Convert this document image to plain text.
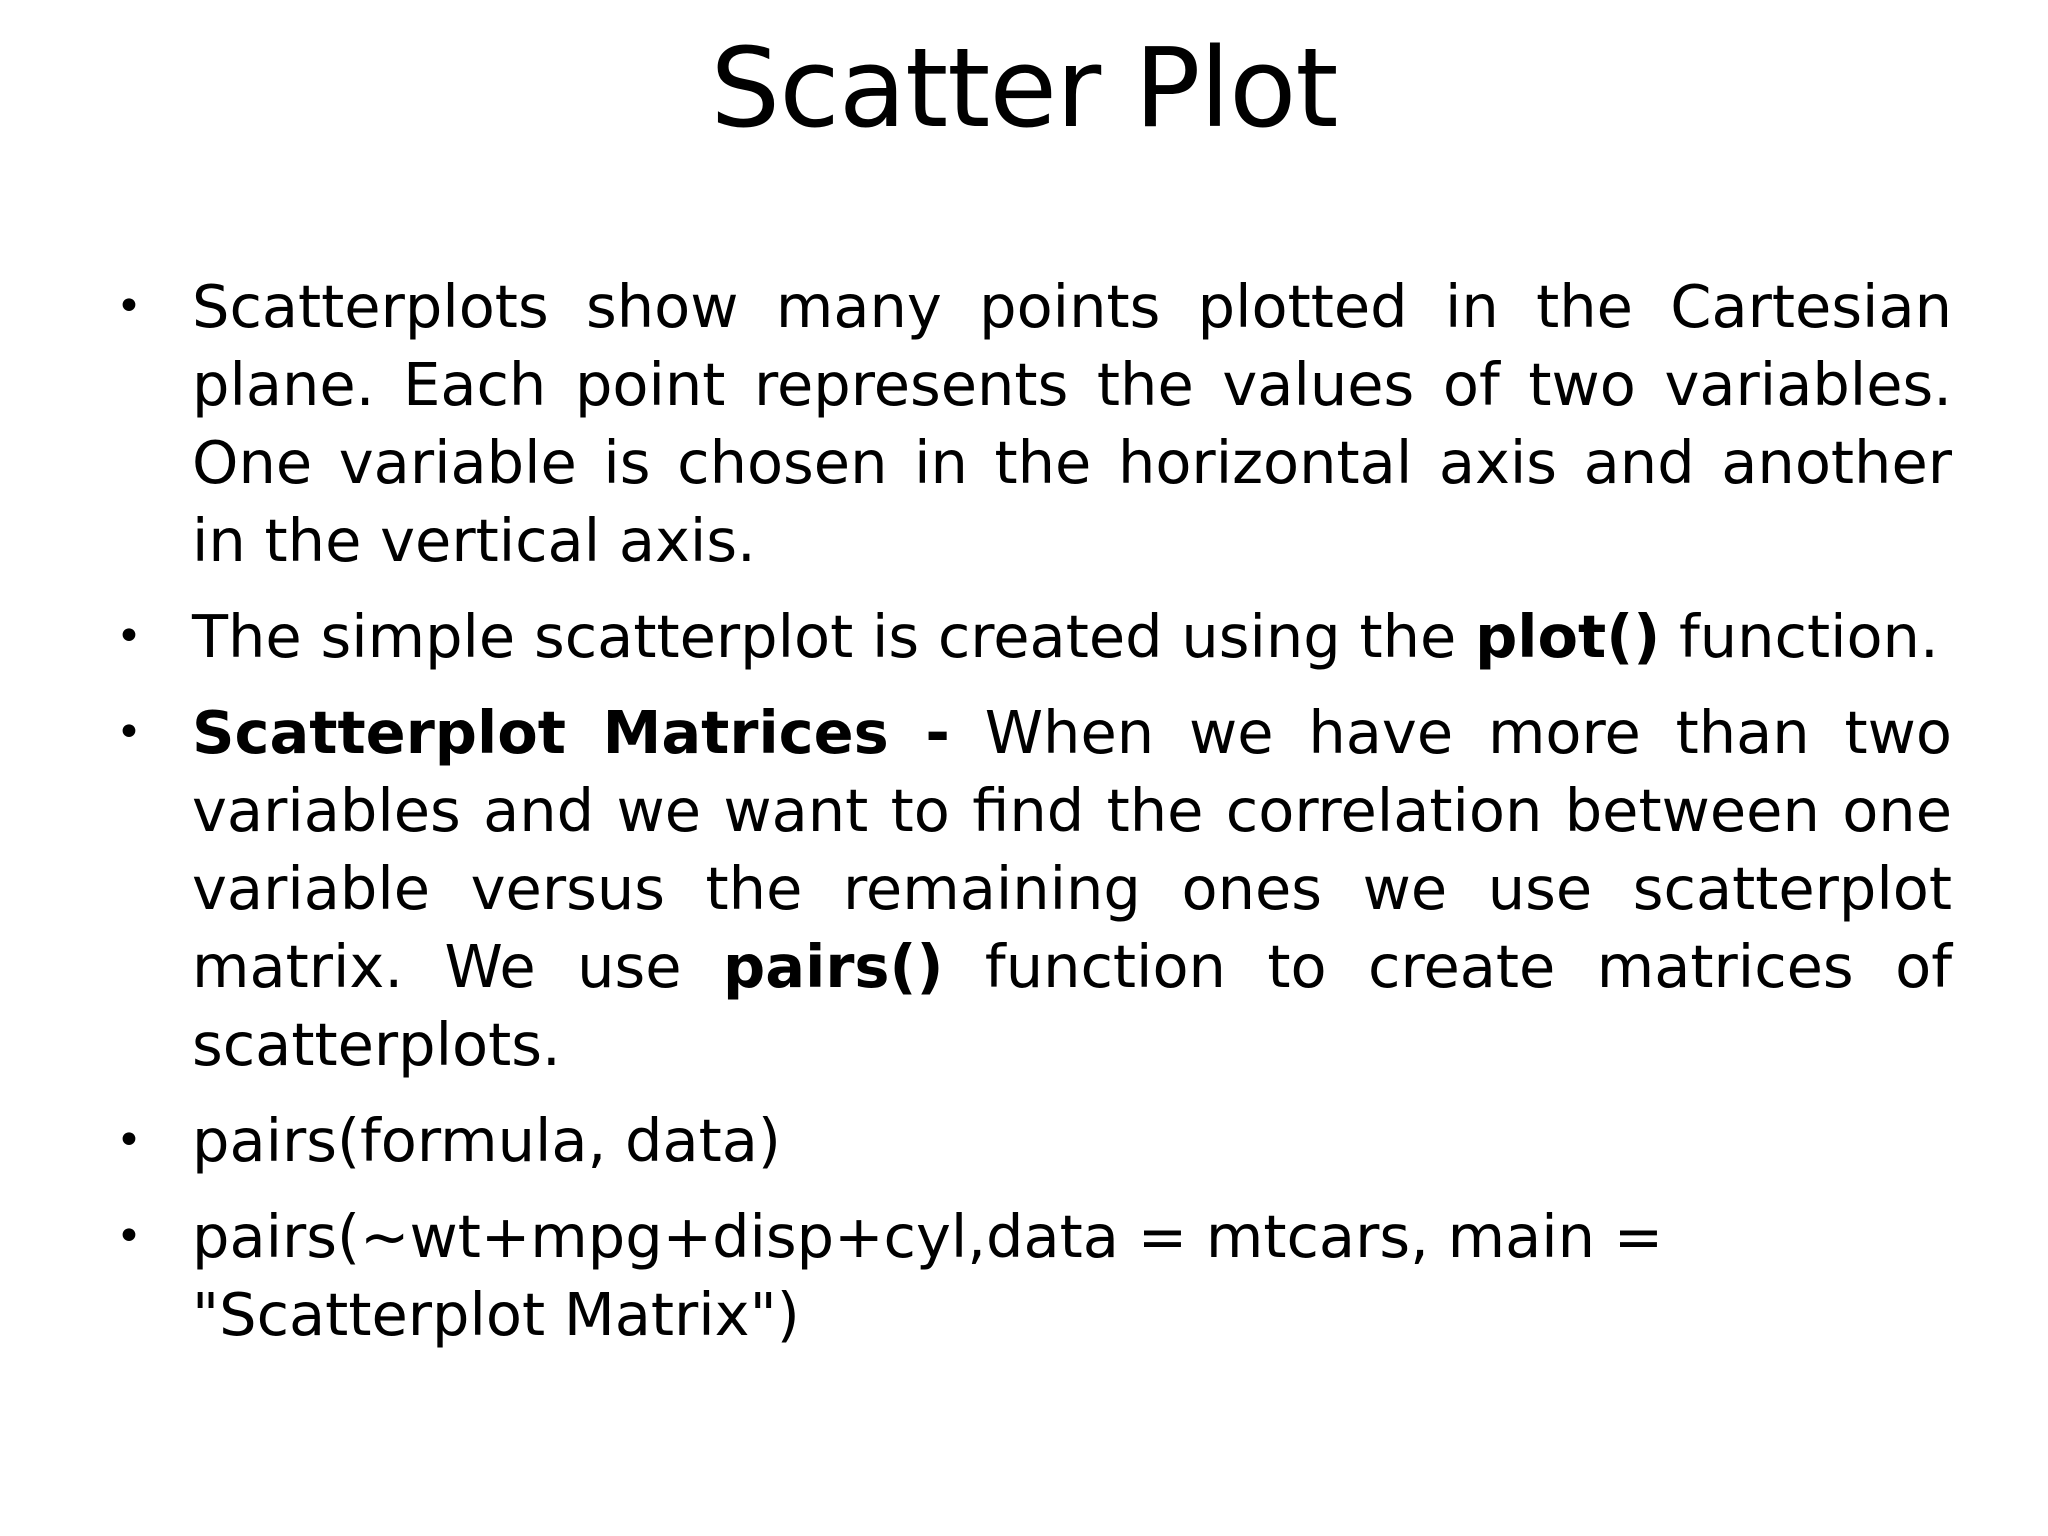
Scatter Plot
• Scatterplots show many points plotted in the Cartesian plane. Each point represents the values of two variables. One variable is chosen in the horizontal axis and another in the vertical axis.
• The simple scatterplot is created using the plot() function.
• Scatterplot Matrices - When we have more than two variables and we want to find the correlation between one variable versus the remaining ones we use scatterplot matrix. We use pairs() function to create matrices of scatterplots.
• pairs(formula, data)
• pairs(~wt+mpg+disp+cyl,data = mtcars, main =
"Scatterplot Matrix")
